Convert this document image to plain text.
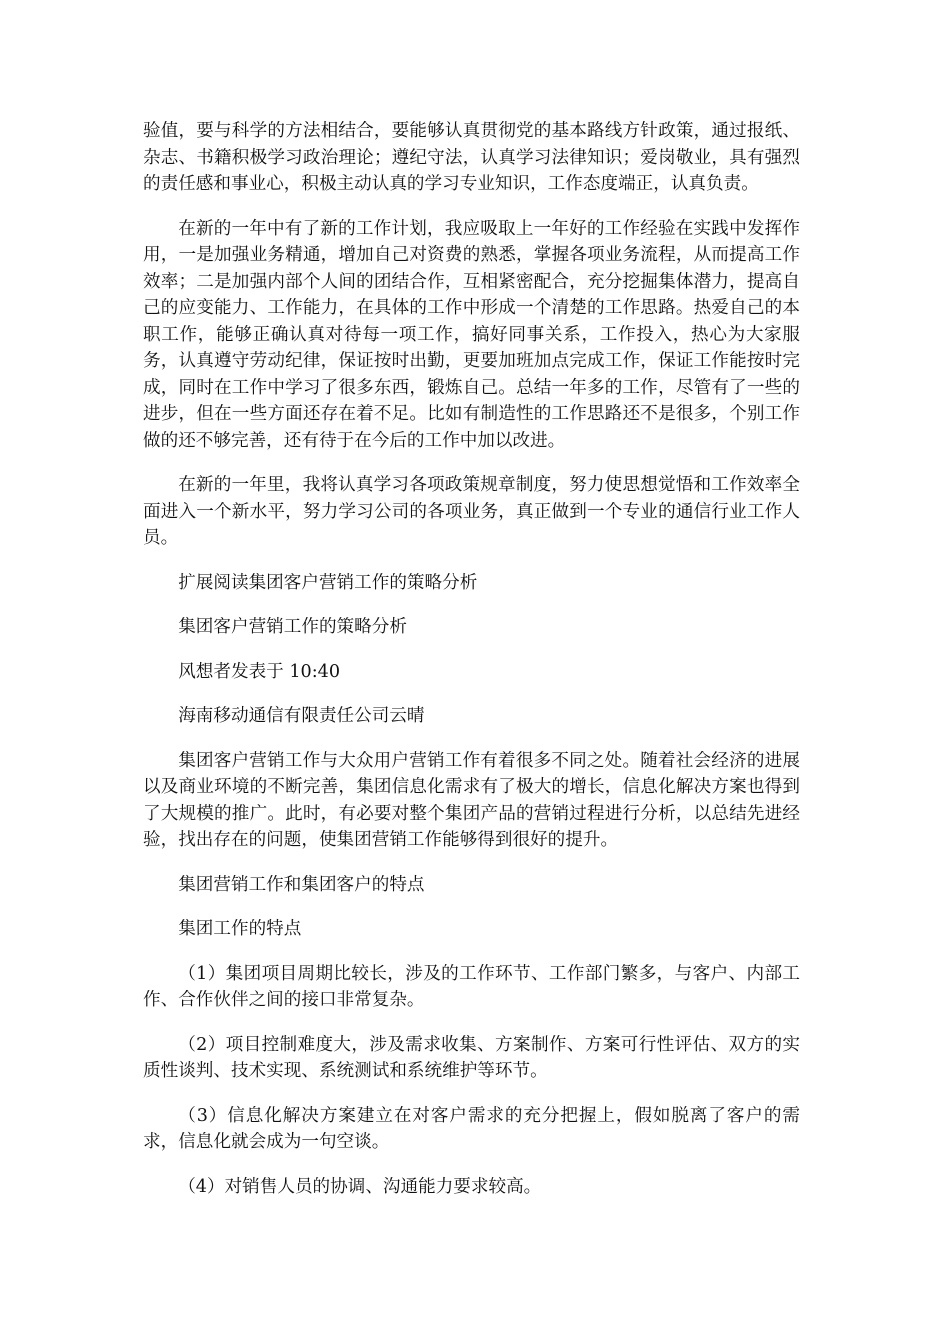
验值，要与科学的方法相结合，要能够认真贯彻党的基本路线方针政策，通过报纸、杂志、书籍积极学习政治理论；遵纪守法，认真学习法律知识；爱岗敬业，具有强烈的责任感和事业心，积极主动认真的学习专业知识，工作态度端正，认真负责。

在新的一年中有了新的工作计划，我应吸取上一年好的工作经验在实践中发挥作用，一是加强业务精通，增加自己对资费的熟悉，掌握各项业务流程，从而提高工作效率；二是加强内部个人间的团结合作，互相紧密配合，充分挖掘集体潜力，提高自己的应变能力、工作能力，在具体的工作中形成一个清楚的工作思路。热爱自己的本职工作，能够正确认真对待每一项工作，搞好同事关系，工作投入，热心为大家服务，认真遵守劳动纪律，保证按时出勤，更要加班加点完成工作，保证工作能按时完成，同时在工作中学习了很多东西，锻炼自己。总结一年多的工作，尽管有了一些的进步，但在一些方面还存在着不足。比如有制造性的工作思路还不是很多，个别工作做的还不够完善，还有待于在今后的工作中加以改进。

在新的一年里，我将认真学习各项政策规章制度，努力使思想觉悟和工作效率全面进入一个新水平，努力学习公司的各项业务，真正做到一个专业的通信行业工作人员。

扩展阅读集团客户营销工作的策略分析

集团客户营销工作的策略分析

风想者发表于 10:40

海南移动通信有限责任公司云晴

集团客户营销工作与大众用户营销工作有着很多不同之处。随着社会经济的进展以及商业环境的不断完善，集团信息化需求有了极大的增长，信息化解决方案也得到了大规模的推广。此时，有必要对整个集团产品的营销过程进行分析，以总结先进经验，找出存在的问题，使集团营销工作能够得到很好的提升。

集团营销工作和集团客户的特点

集团工作的特点

（1）集团项目周期比较长，涉及的工作环节、工作部门繁多，与客户、内部工作、合作伙伴之间的接口非常复杂。

（2）项目控制难度大，涉及需求收集、方案制作、方案可行性评估、双方的实质性谈判、技术实现、系统测试和系统维护等环节。

（3）信息化解决方案建立在对客户需求的充分把握上，假如脱离了客户的需求，信息化就会成为一句空谈。

（4）对销售人员的协调、沟通能力要求较高。
